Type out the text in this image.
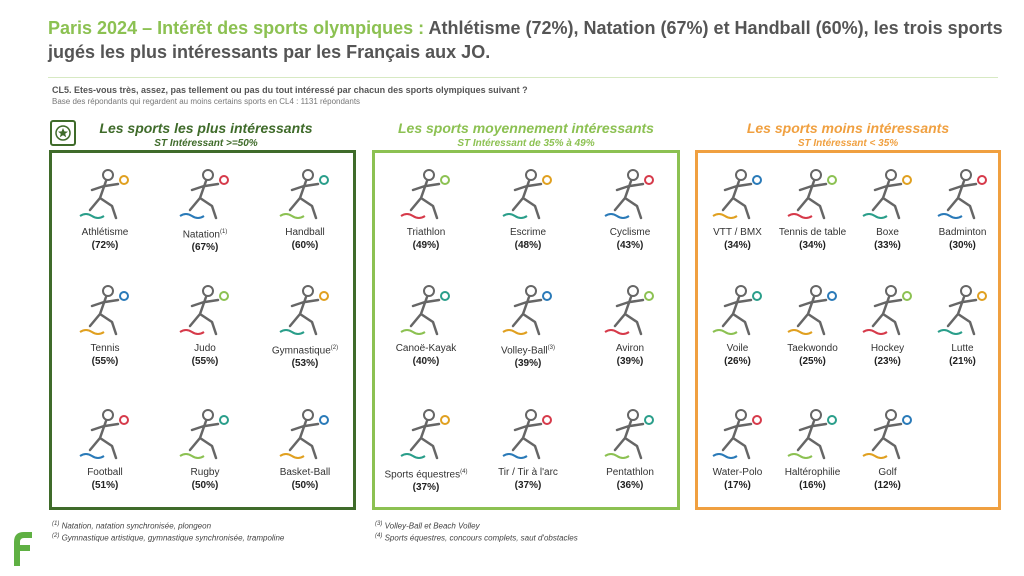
Paris 2024 – Intérêt des sports olympiques : Athlétisme (72%), Natation (67%) et Handball (60%), les trois sports jugés les plus intéressants par les Français aux JO.
CL5. Etes-vous très, assez, pas tellement ou pas du tout intéressé par chacun des sports olympiques suivant ?
Base des répondants qui regardent au moins certains sports en CL4 : 1131 répondants
Les sports les plus intéressants
ST Intéressant >=50%
Les sports moyennement intéressants
ST Intéressant de 35% à 49%
Les sports moins intéressants
ST Intéressant < 35%
Athlétisme
(72%)
Natation$^{(1)}$
(67%)
Handball
(60%)
Tennis
(55%)
Judo
(55%)
Gymnastique$^{(2)}$
(53%)
Football
(51%)
Rugby
(50%)
Basket-Ball
(50%)
Triathlon
(49%)
Escrime
(48%)
Cyclisme
(43%)
Canoë-Kayak
(40%)
Volley-Ball$^{(3)}$
(39%)
Aviron
(39%)
Sports équestres$^{(4)}$
(37%)
Tir / Tir à l'arc
(37%)
Pentathlon
(36%)
VTT / BMX
(34%)
Tennis de table
(34%)
Boxe
(33%)
Badminton
(30%)
Voile
(26%)
Taekwondo
(25%)
Hockey
(23%)
Lutte
(21%)
Water-Polo
(17%)
Haltérophilie
(16%)
Golf
(12%)
$^{(1)}$ Natation, natation synchronisée, plongeon
$^{(2)}$ Gymnastique artistique, gymnastique synchronisée, trampoline
$^{(3)}$ Volley-Ball et Beach Volley
$^{(4)}$ Sports équestres, concours complets, saut d'obstacles
